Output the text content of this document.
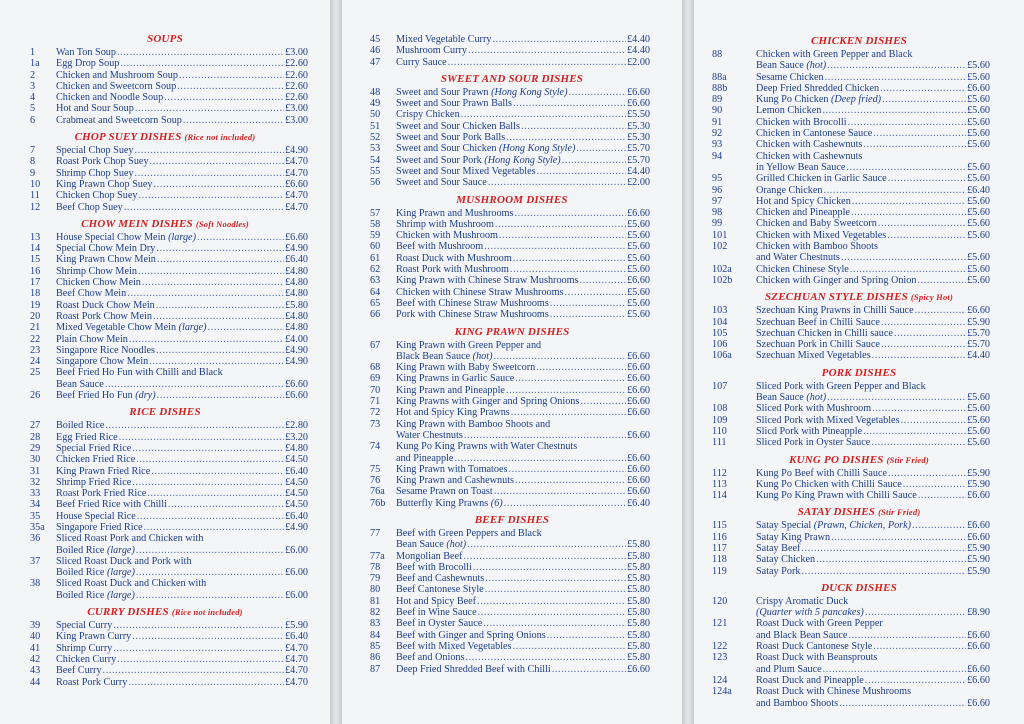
SOUPS
1	Wan Ton Soup .....	£3.00
1a	Egg Drop Soup .....	£2.60
2	Chicken and Mushroom Soup .....	£2.60
3	Chicken and Sweetcorn Soup .....	£2.60
4	Chicken and Noodle Soup .....	£2.60
5	Hot and Sour Soup .....	£3.00
6	Crabmeat and Sweetcorn Soup .....	£3.00
CHOP SUEY DISHES (Rice not included)
7	Special Chop Suey .....	£4.90
8	Roast Pork Chop Suey .....	£4.70
9	Shrimp Chop Suey .....	£4.70
10	King Prawn Chop Suey .....	£6.60
11	Chicken Chop Suey .....	£4.70
12	Beef Chop Suey .....	£4.70
CHOW MEIN DISHES (Soft Noodles)
13	House Special Chow Mein (large) .....	£6.60
14	Special Chow Mein Dry .....	£4.90
15	King Prawn Chow Mein .....	£6.40
16	Shrimp Chow Mein .....	£4.80
17	Chicken Chow Mein .....	£4.80
18	Beef Chow Mein .....	£4.80
19	Roast Duck Chow Mein .....	£5.80
20	Roast Pork Chow Mein .....	£4.80
21	Mixed Vegetable Chow Mein (large) .....	£4.80
22	Plain Chow Mein .....	£4.00
23	Singapore Rice Noodles .....	£4.90
24	Singapore Chow Mein .....	£4.90
25	Beef Fried Ho Fun with Chilli and Black
Bean Sauce .....	£6.60
26	Beef Fried Ho Fun (dry) .....	£6.60
RICE DISHES
27	Boiled Rice .....	£2.80
28	Egg Fried Rice .....	£3.20
29	Special Fried Rice .....	£4.80
30	Chicken Fried Rice .....	£4.50
31	King Prawn Fried Rice .....	£6.40
32	Shrimp Fried Rice .....	£4.50
33	Roast Pork Fried Rice .....	£4.50
34	Beef Fried Rice with Chilli .....	£4.50
35	House Special Rice .....	£6.40
35a	Singapore Fried Rice .....	£4.90
36	Sliced Roast Pork and Chicken with
Boiled Rice (large) .....	£6.00
37	Sliced Roast Duck and Pork with
Boiled Rice (large) .....	£6.00
38	Sliced Roast Duck and Chicken with
Boiled Rice (large) .....	£6.00
CURRY DISHES (Rice not included)
39	Special Curry .....	£5.90
40	King Prawn Curry .....	£6.40
41	Shrimp Curry .....	£4.70
42	Chicken Curry .....	£4.70
43	Beef Curry .....	£4.70
44	Roast Pork Curry .....	£4.70
45	Mixed Vegetable Curry .....	£4.40
46	Mushroom Curry .....	£4.40
47	Curry Sauce .....	£2.00
SWEET AND SOUR DISHES
48	Sweet and Sour Prawn (Hong Kong Style) .....	£6.60
49	Sweet and Sour Prawn Balls .....	£6.60
50	Crispy Chicken .....	£5.50
51	Sweet and Sour Chicken Balls .....	£5.30
52	Sweet and Sour Pork Balls .....	£5.30
53	Sweet and Sour Chicken (Hong Kong Style) .....	£5.70
54	Sweet and Sour Pork (Hong Kong Style) .....	£5.70
55	Sweet and Sour Mixed Vegetables .....	£4.40
56	Sweet and Sour Sauce .....	£2.00
MUSHROOM DISHES
57	King Prawn and Mushrooms .....	£6.60
58	Shrimp with Mushroom .....	£5.60
59	Chicken with Mushroom .....	£5.60
60	Beef with Mushroom .....	£5.60
61	Roast Duck with Mushroom .....	£5.60
62	Roast Pork with Mushroom .....	£5.60
63	King Prawn with Chinese Straw Mushrooms .....	£6.60
64	Chicken with Chinese Straw Mushrooms .....	£5.60
65	Beef with Chinese Straw Mushrooms .....	£5.60
66	Pork with Chinese Straw Mushrooms .....	£5.60
KING PRAWN DISHES
67	King Prawn with Green Pepper and
Black Bean Sauce (hot) .....	£6.60
68	King Prawn with Baby Sweetcorn .....	£6.60
69	King Prawns in Garlic Sauce .....	£6.60
70	King Prawn and Pineapple .....	£6.60
71	King Prawns with Ginger and Spring Onions .....	£6.60
72	Hot and Spicy King Prawns .....	£6.60
73	King Prawn with Bamboo Shoots and
Water Chestnuts .....	£6.60
74	Kung Po King Prawns with Water Chestnuts
and Pineapple .....	£6.60
75	King Prawn with Tomatoes .....	£6.60
76	King Prawn and Cashewnuts .....	£6.60
76a	Sesame Prawn on Toast .....	£6.60
76b	Butterfly King Prawns (6) .....	£6.40
BEEF DISHES
77	Beef with Green Peppers and Black
Bean Sauce (hot) .....	£5.80
77a	Mongolian Beef .....	£5.80
78	Beef with Brocolli .....	£5.80
79	Beef and Cashewnuts .....	£5.80
80	Beef Cantonese Style .....	£5.80
81	Hot and Spicy Beef .....	£5.80
82	Beef in Wine Sauce .....	£5.80
83	Beef in Oyster Sauce .....	£5.80
84	Beef with Ginger and Spring Onions .....	£5.80
85	Beef with Mixed Vegetables .....	£5.80
86	Beef and Onions .....	£5.80
87	Deep Fried Shredded Beef with Chilli .....	£6.60
CHICKEN DISHES
88	Chicken with Green Pepper and Black
Bean Sauce (hot) .....	£5.60
88a	Sesame Chicken .....	£5.60
88b	Deep Fried Shredded Chicken .....	£6.60
89	Kung Po Chicken (Deep fried) .....	£5.60
90	Lemon Chicken .....	£5.60
91	Chicken with Brocolli .....	£5.60
92	Chicken in Cantonese Sauce .....	£5.60
93	Chicken with Cashewnuts .....	£5.60
94	Chicken with Cashewnuts
in Yellow Bean Sauce .....	£5.60
95	Grilled Chicken in Garlic Sauce .....	£5.60
96	Orange Chicken .....	£6.40
97	Hot and Spicy Chicken .....	£5.60
98	Chicken and Pineapple .....	£5.60
99	Chicken and Baby Sweetcorn .....	£5.60
101	Chicken with Mixed Vegetables .....	£5.60
102	Chicken with Bamboo Shoots
and Water Chestnuts .....	£5.60
102a	Chicken Chinese Style .....	£5.60
102b	Chicken with Ginger and Spring Onion .....	£5.60
SZECHUAN STYLE DISHES (Spicy Hot)
103	Szechuan King Prawns in Chilli Sauce .....	£6.60
104	Szechuan Beef in Chilli Sauce .....	£5.90
105	Szechuan Chicken in Chilli sauce .....	£5.70
106	Szechuan Pork in Chilli Sauce .....	£5.70
106a	Szechuan Mixed Vegetables .....	£4.40
PORK DISHES
107	Sliced Pork with Green Pepper and Black
Bean Sauce (hot) .....	£5.60
108	Sliced Pork with Mushroom .....	£5.60
109	Sliced Pork with Mixed Vegetables .....	£5.60
110	Slicd Pork with Pineapple .....	£5.60
111	Sliced Pork in Oyster Sauce .....	£5.60
KUNG PO DISHES (Stir Fried)
112	Kung Po Beef with Chilli Sauce .....	£5.90
113	Kung Po Chicken with Chilli Sauce .....	£5.90
114	Kung Po King Prawn with Chilli Sauce .....	£6.60
SATAY DISHES (Stir Fried)
115	Satay Special (Prawn, Chicken, Pork) .....	£6.60
116	Satay King Prawn .....	£6.60
117	Satay Beef .....	£5.90
118	Satay Chicken .....	£5.90
119	Satay Pork .....	£5.90
DUCK DISHES
120	Crispy Aromatic Duck
(Quarter with 5 pancakes) .....	£8.90
121	Roast Duck with Green Pepper
and Black Bean Sauce .....	£6.60
122	Roast Duck Cantonese Style .....	£6.60
123	Roast Duck with Beansprouts
and Plum Sauce .....	£6.60
124	Roast Duck and Pineapple .....	£6.60
124a	Roast Duck with Chinese Mushrooms
and Bamboo Shoots .....	£6.60
